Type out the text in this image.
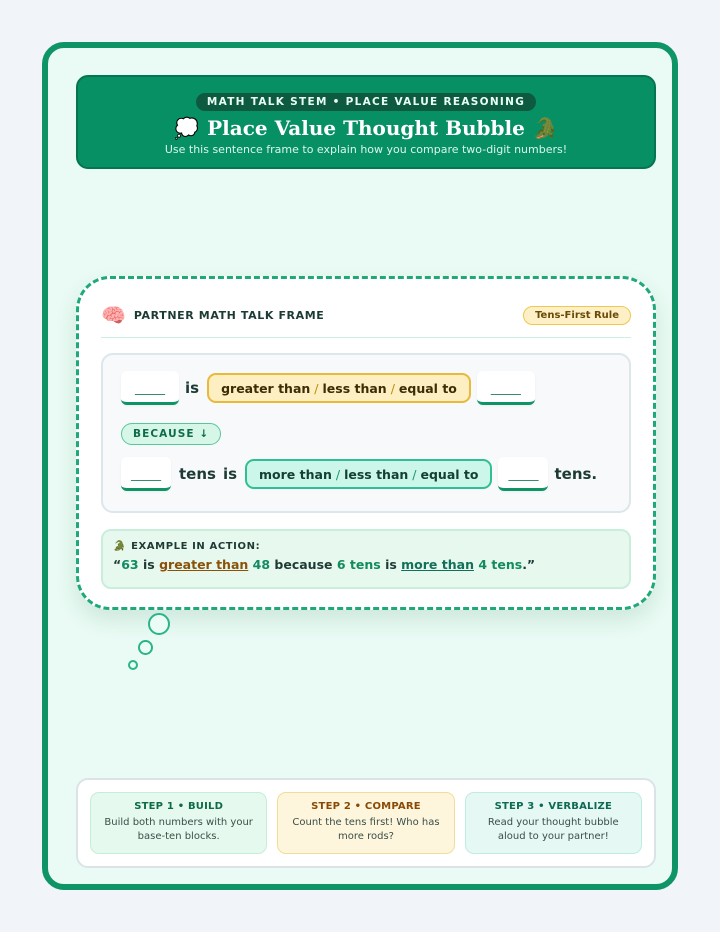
MATH TALK STEM • PLACE VALUE REASONING
💭 Place Value Thought Bubble 🐊
Use this sentence frame to explain how you compare two-digit numbers!
🧠 PARTNER MATH TALK FRAME	Tens-First Rule
_____	is greater than / less than / equal to	_____
BECAUSE ↓
_____	tens is more than / less than / equal to	_____	tens.
🐊 EXAMPLE IN ACTION:
“63 is greater than 48 because 6 tens is more than 4 tens.”
STEP 1 • BUILD
Build both numbers with your base-ten blocks.
STEP 2 • COMPARE
Count the tens first! Who has more rods?
STEP 3 • VERBALIZE
Read your thought bubble aloud to your partner!
